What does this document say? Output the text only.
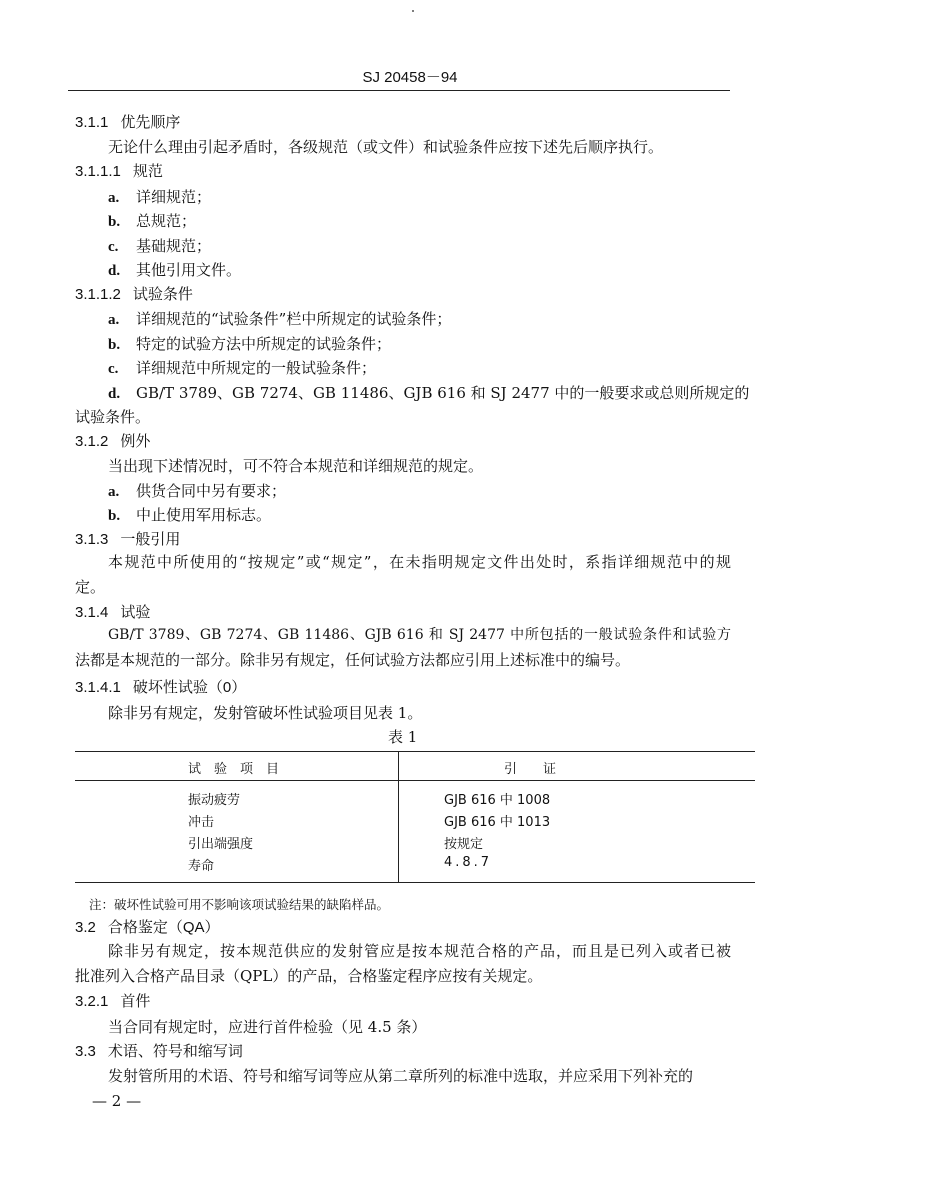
SJ 20458－94
3.1.1 优先顺序
无论什么理由引起矛盾时，各级规范（或文件）和试验条件应按下述先后顺序执行。
3.1.1.1 规范
a. 详细规范；
b. 总规范；
c. 基础规范；
d. 其他引用文件。
3.1.1.2 试验条件
a. 详细规范的“试验条件”栏中所规定的试验条件；
b. 特定的试验方法中所规定的试验条件；
c. 详细规范中所规定的一般试验条件；
d. GB/T 3789、GB 7274、GB 11486、GJB 616 和 SJ 2477 中的一般要求或总则所规定的
试验条件。
3.1.2 例外
当出现下述情况时，可不符合本规范和详细规范的规定。
a. 供货合同中另有要求；
b. 中止使用军用标志。
3.1.3 一般引用
本规范中所使用的“按规定”或“规定”，在未指明规定文件出处时，系指详细规范中的规
定。
3.1.4 试验
GB/T 3789、GB 7274、GB 11486、GJB 616 和 SJ 2477 中所包括的一般试验条件和试验方
法都是本规范的一部分。除非另有规定，任何试验方法都应引用上述标准中的编号。
3.1.4.1 破坏性试验（0）
除非另有规定，发射管破坏性试验项目见表 1。
表 1
试　验　项　目	引　　证
振动疲劳	GJB 616 中 1008
冲击	GJB 616 中 1013
引出端强度	按规定
寿命	4.8.7
注：破坏性试验可用不影响该项试验结果的缺陷样品。
3.2 合格鉴定（QA）
除非另有规定，按本规范供应的发射管应是按本规范合格的产品，而且是已列入或者已被
批准列入合格产品目录（QPL）的产品，合格鉴定程序应按有关规定。
3.2.1 首件
当合同有规定时，应进行首件检验（见 4.5 条）
3.3 术语、符号和缩写词
发射管所用的术语、符号和缩写词等应从第二章所列的标准中选取，并应采用下列补充的
— 2 —
